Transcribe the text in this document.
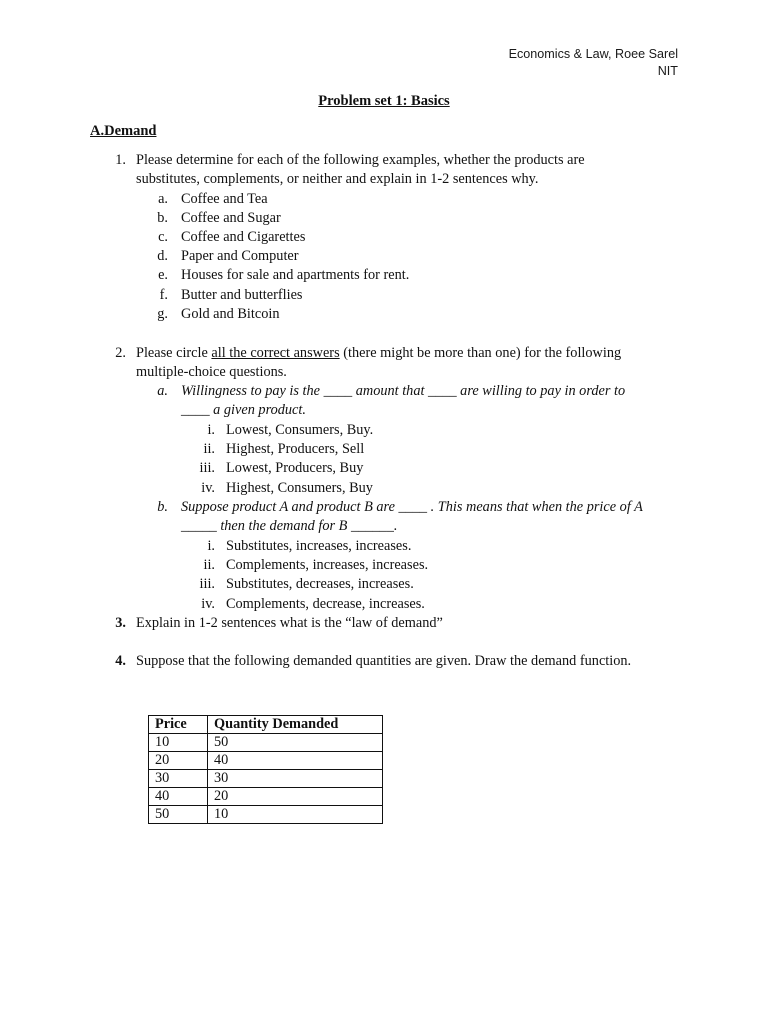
Economics & Law, Roee Sarel
NIT
Problem set 1: Basics
A.Demand
1. Please determine for each of the following examples, whether the products are
substitutes, complements, or neither and explain in 1-2 sentences why.
a. Coffee and Tea
b. Coffee and Sugar
c. Coffee and Cigarettes
d. Paper and Computer
e. Houses for sale and apartments for rent.
f. Butter and butterflies
g. Gold and Bitcoin
2. Please circle all the correct answers (there might be more than one) for the following
multiple-choice questions.
a. Willingness to pay is the ____ amount that ____ are willing to pay in order to
____ a given product.
i. Lowest, Consumers, Buy.
ii. Highest, Producers, Sell
iii. Lowest, Producers, Buy
iv. Highest, Consumers, Buy
b. Suppose product A and product B are ____ . This means that when the price of A
_____ then the demand for B ______.
i. Substitutes, increases, increases.
ii. Complements, increases, increases.
iii. Substitutes, decreases, increases.
iv. Complements, decrease, increases.
3. Explain in 1-2 sentences what is the “law of demand”
4. Suppose that the following demanded quantities are given. Draw the demand function.
Price	Quantity Demanded
10	50
20	40
30	30
40	20
50	10
